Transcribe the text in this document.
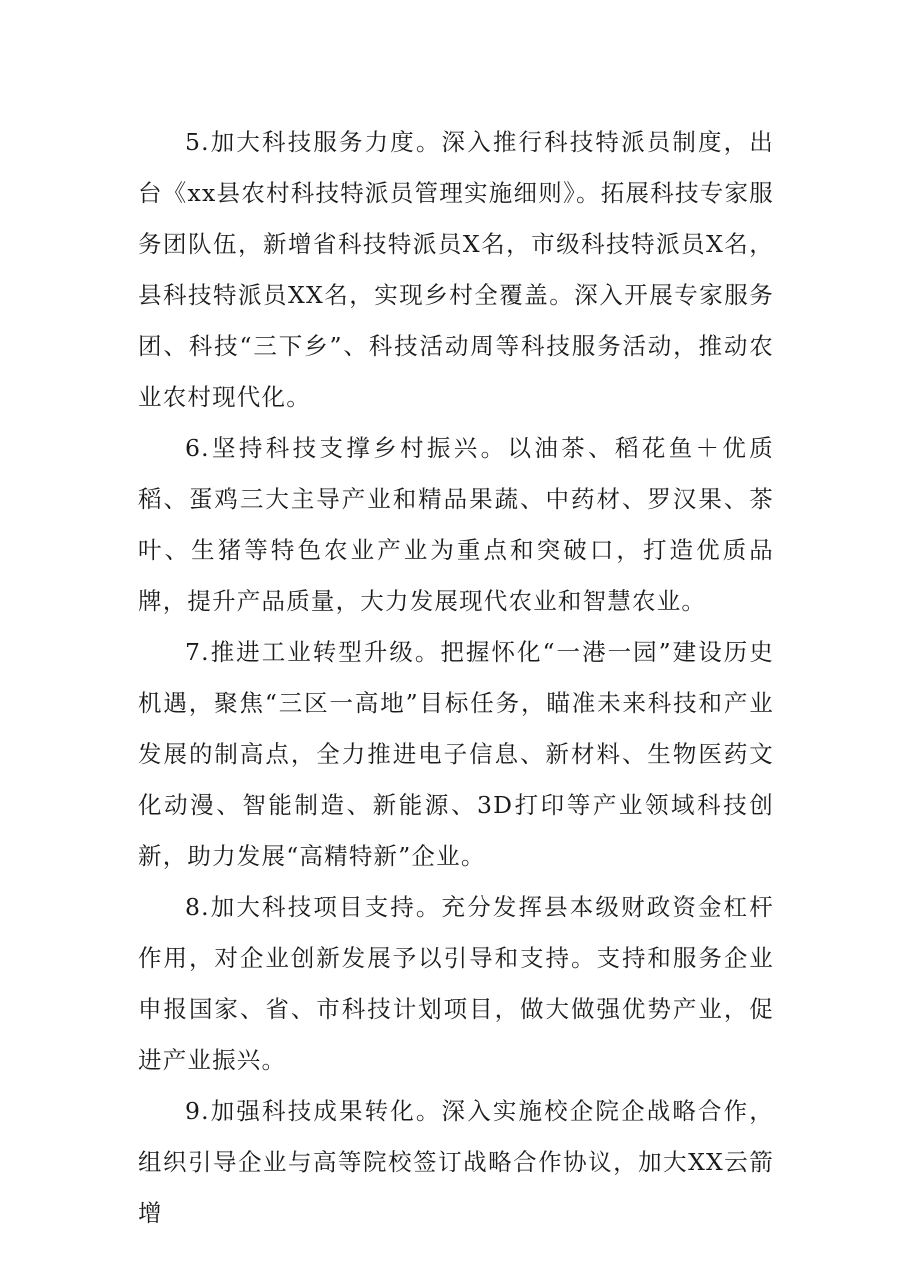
5.加大科技服务力度。深入推行科技特派员制度，出台《xx县农村科技特派员管理实施细则》。拓展科技专家服务团队伍，新增省科技特派员X名，市级科技特派员X名，县科技特派员XX名，实现乡村全覆盖。深入开展专家服务团、科技“三下乡”、科技活动周等科技服务活动，推动农业农村现代化。

6.坚持科技支撑乡村振兴。以油茶、稻花鱼＋优质稻、蛋鸡三大主导产业和精品果蔬、中药材、罗汉果、茶叶、生猪等特色农业产业为重点和突破口，打造优质品牌，提升产品质量，大力发展现代农业和智慧农业。

7.推进工业转型升级。把握怀化“一港一园”建设历史机遇，聚焦“三区一高地”目标任务，瞄准未来科技和产业发展的制高点，全力推进电子信息、新材料、生物医药文化动漫、智能制造、新能源、3D打印等产业领域科技创新，助力发展“高精特新”企业。

8.加大科技项目支持。充分发挥县本级财政资金杠杆作用，对企业创新发展予以引导和支持。支持和服务企业申报国家、省、市科技计划项目，做大做强优势产业，促进产业振兴。

9.加强科技成果转化。深入实施校企院企战略合作，组织引导企业与高等院校签订战略合作协议，加大XX云箭增
